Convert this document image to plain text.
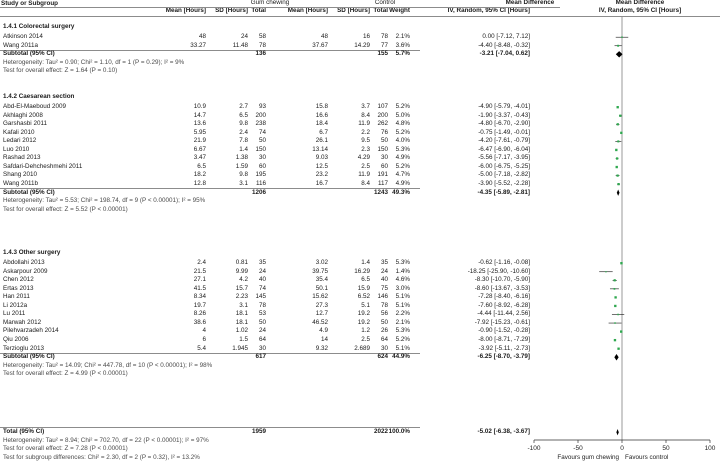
Study or Subgroup	Gum chewing	Control	Mean Difference	Mean Difference
Mean [Hours]	SD [Hours] Total	Mean [Hours]	SD [Hours] Total Weight	IV, Random, 95% CI [Hours]	IV, Random, 95% CI [Hours]
1.4.1 Colorectal surgery
Atkinson 2014	48	24	58	48	16	78	2.1%	0.00 [-7.12, 7.12]
Wang 2011a	33.27	11.48	78	37.67	14.29	77	3.6%	-4.40 [-8.48, -0.32]
Subtotal (95% CI)	136	155	5.7%	-3.21 [-7.04, 0.62]
Heterogeneity: Tau² = 0.90; Chi² = 1.10, df = 1 (P = 0.29); I² = 9%
Test for overall effect: Z = 1.64 (P = 0.10)
1.4.2 Caesarean section
Abd-El-Maeboud 2009	10.9	2.7	93	15.8	3.7	107	5.2%	-4.90 [-5.79, -4.01]
Akhlaghi 2008	14.7	6.5	200	16.6	8.4	200	5.0%	-1.90 [-3.37, -0.43]
Garshasbi 2011	13.6	9.8	238	18.4	11.9	262	4.8%	-4.80 [-6.70, -2.90]
Kafali 2010	5.95	2.4	74	6.7	2.2	76	5.2%	-0.75 [-1.49, -0.01]
Ledari 2012	21.9	7.8	50	26.1	9.5	50	4.0%	-4.20 [-7.61, -0.79]
Luo 2010	6.67	1.4	150	13.14	2.3	150	5.3%	-6.47 [-6.90, -6.04]
Rashad 2013	3.47	1.38	30	9.03	4.29	30	4.9%	-5.56 [-7.17, -3.95]
Safdari-Dehcheshmehi 2011	6.5	1.59	60	12.5	2.5	60	5.2%	-6.00 [-6.75, -5.25]
Shang 2010	18.2	9.8	195	23.2	11.9	191	4.7%	-5.00 [-7.18, -2.82]
Wang 2011b	12.8	3.1	116	16.7	8.4	117	4.9%	-3.90 [-5.52, -2.28]
Subtotal (95% CI)	1206	1243 49.3%	-4.35 [-5.89, -2.81]
Heterogeneity: Tau² = 5.53; Chi² = 198.74, df = 9 (P < 0.00001); I² = 95%
Test for overall effect: Z = 5.52 (P < 0.00001)
1.4.3 Other surgery
Abdollahi 2013	2.4	0.81	35	3.02	1.4	35	5.3%	-0.62 [-1.16, -0.08]
Askarpour 2009	21.5	9.99	24	39.75	16.29	24	1.4%	-18.25 [-25.90, -10.60]
Chen 2012	27.1	4.2	40	35.4	6.5	40	4.6%	-8.30 [-10.70, -5.90]
Ertas 2013	41.5	15.7	74	50.1	15.9	75	3.0%	-8.60 [-13.67, -3.53]
Han 2011	8.34	2.23	145	15.62	6.52	146	5.1%	-7.28 [-8.40, -6.16]
Li 2012a	19.7	3.1	78	27.3	5.1	78	5.1%	-7.60 [-8.92, -6.28]
Lu 2011	8.26	18.1	53	12.7	19.2	56	2.2%	-4.44 [-11.44, 2.56]
Marwah 2012	38.6	18.1	50	46.52	19.2	50	2.1%	-7.92 [-15.23, -0.61]
Pilehvarzadeh 2014	4	1.02	24	4.9	1.2	26	5.3%	-0.90 [-1.52, -0.28]
Qiu 2006	6	1.5	64	14	2.5	64	5.2%	-8.00 [-8.71, -7.29]
Terzioglu 2013	5.4	1.945	30	9.32	2.689	30	5.1%	-3.92 [-5.11, -2.73]
Subtotal (95% CI)	617	624 44.9%	-6.25 [-8.70, -3.79]
Heterogeneity: Tau² = 14.09; Chi² = 447.78, df = 10 (P < 0.00001); I² = 98%
Test for overall effect: Z = 4.99 (P < 0.00001)
Total (95% CI)	1959	2022 100.0%	-5.02 [-6.38, -3.67]
Heterogeneity: Tau² = 8.94; Chi² = 702.70, df = 22 (P < 0.00001); I² = 97%
Test for overall effect: Z = 7.28 (P < 0.00001)
Test for subgroup differences: Chi² = 2.30, df = 2 (P = 0.32), I² = 13.2%
-100	-50	0	50	100
Favours gum chewing Favours control
